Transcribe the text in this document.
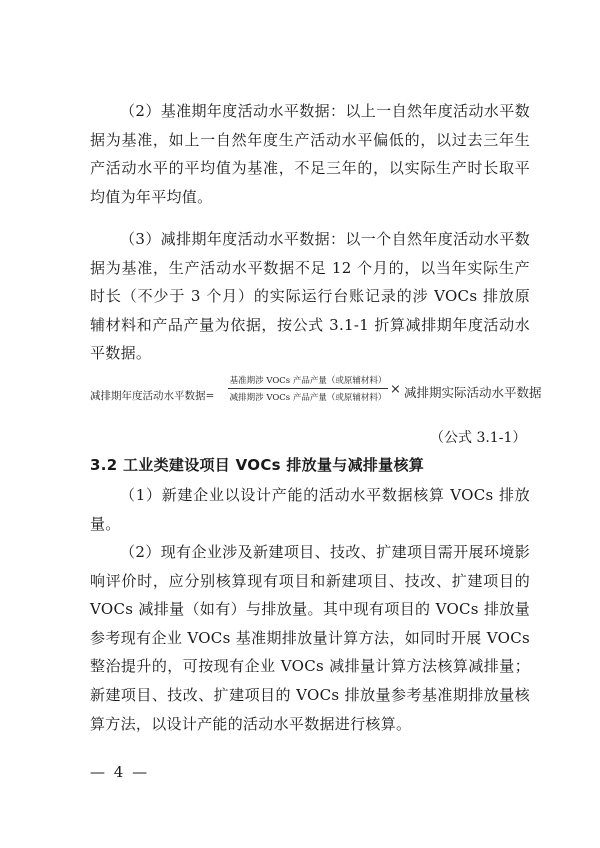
（2）基准期年度活动水平数据：以上一自然年度活动水平数据为基准，如上一自然年度生产活动水平偏低的，以过去三年生产活动水平的平均值为基准，不足三年的，以实际生产时长取平均值为年平均值。

（3）减排期年度活动水平数据：以一个自然年度活动水平数据为基准，生产活动水平数据不足 12 个月的，以当年实际生产时长（不少于 3 个月）的实际运行台账记录的涉 VOCs 排放原辅材料和产品产量为依据，按公式 3.1-1 折算减排期年度活动水平数据。

减排期年度活动水平数据=
基准期涉 VOCs 产品产量（或原辅材料）
减排期涉 VOCs 产品产量（或原辅材料）
× 减排期实际活动水平数据
（公式 3.1-1）
3.2 工业类建设项目 VOCs 排放量与减排量核算

（1）新建企业以设计产能的活动水平数据核算 VOCs 排放量。

（2）现有企业涉及新建项目、技改、扩建项目需开展环境影响评价时，应分别核算现有项目和新建项目、技改、扩建项目的 VOCs 减排量（如有）与排放量。其中现有项目的 VOCs 排放量参考现有企业 VOCs 基准期排放量计算方法，如同时开展 VOCs 整治提升的，可按现有企业 VOCs 减排量计算方法核算减排量；新建项目、技改、扩建项目的 VOCs 排放量参考基准期排放量核算方法，以设计产能的活动水平数据进行核算。

— 4 —
